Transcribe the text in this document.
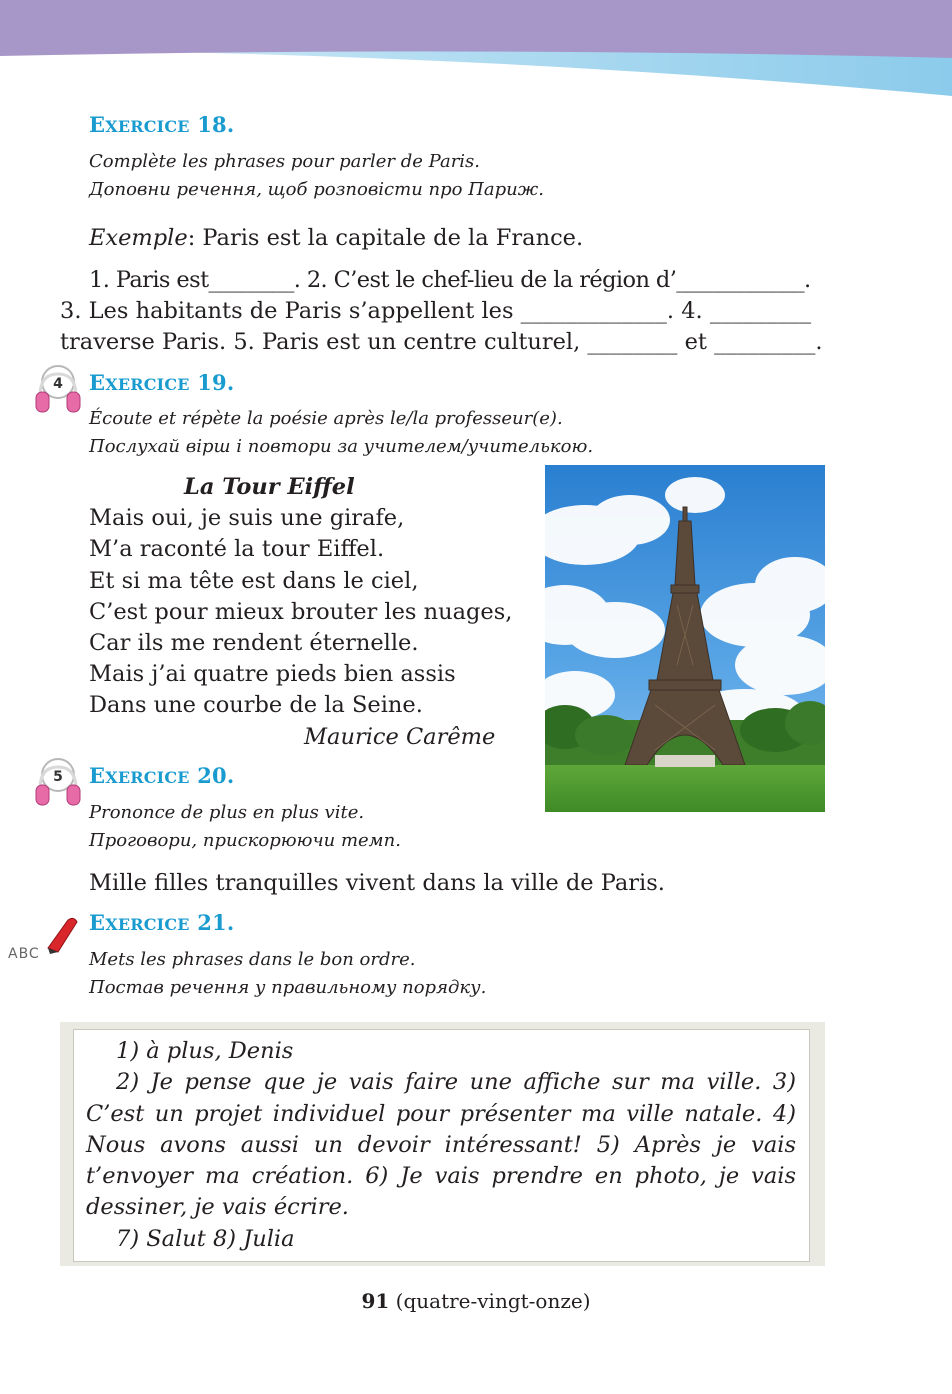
EXERCICE 18.
Complète les phrases pour parler de Paris.
Доповни речення, щоб розповісти про Париж.
Exemple: Paris est la capitale de la France.
1. Paris est________. 2. C’est le chef-lieu de la région d’____________.
3. Les habitants de Paris s’appellent les _____________. 4. _________
traverse Paris. 5. Paris est un centre culturel, ________ et _________.
4 EXERCICE 19.
Écoute et répète la poésie après le/la professeur(e).
Послухай вірш і повтори за учителем/учителькою.
La Tour Eiffel
Mais oui, je suis une girafe,
M’a raconté la tour Eiffel.
Et si ma tête est dans le ciel,
C’est pour mieux brouter les nuages,
Car ils me rendent éternelle.
Mais j’ai quatre pieds bien assis
Dans une courbe de la Seine.
Maurice Carême
5 EXERCICE 20.
Prononce de plus en plus vite.
Проговори, прискорюючи темп.
Mille filles tranquilles vivent dans la ville de Paris.
ABC
EXERCICE 21.
Mets les phrases dans le bon ordre.
Постав речення у правильному порядку.

1) à plus, Denis

2) Je pense que je vais faire une affiche sur ma ville. 3) C’est un projet individuel pour présenter ma ville natale. 4) Nous avons aussi un devoir intéressant! 5) Après je vais t’envoyer ma création. 6) Je vais prendre en photo, je vais dessiner, je vais écrire.

7) Salut 8) Julia

91 (quatre-vingt-onze)
